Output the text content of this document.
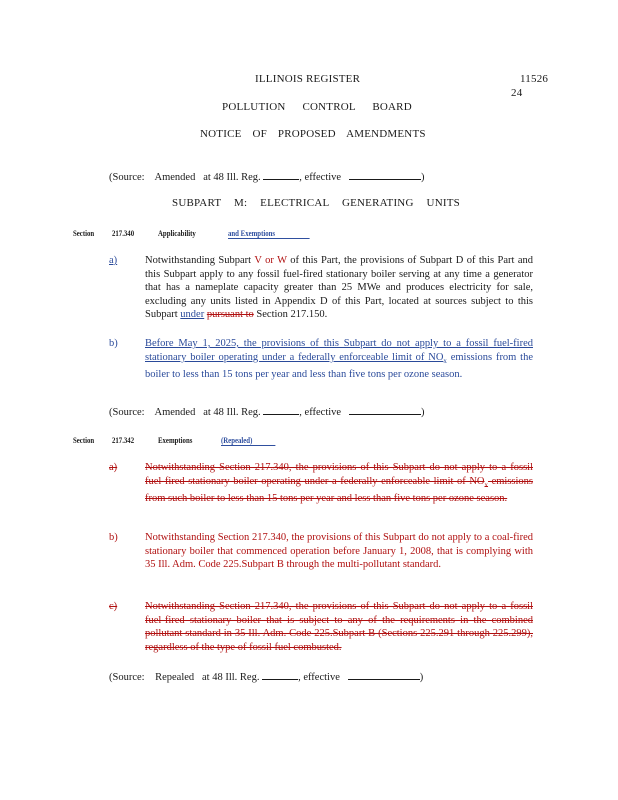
ILLINOIS REGISTER	11526
24
POLLUTION CONTROL BOARD
NOTICE OF PROPOSED AMENDMENTS
(Source: Amended at 48 Ill. Reg.	, effective	)
SUBPART M: ELECTRICAL GENERATING UNITS
Section 217.340	Applicability	and Exemptions
a)	Notwithstanding Subpart V or W of this Part, the provisions of Subpart D of this Part and this Subpart apply to any fossil fuel-fired stationary boiler serving at any time a generator that has a nameplate capacity greater than 25 MWe and produces electricity for sale, excluding any units listed in Appendix D of this Part, located at sources subject to this Subpart under pursuant to Section 217.150.
b)	Before May 1, 2025, the provisions of this Subpart do not apply to a fossil fuel-fired stationary boiler operating under a federally enforceable limit of $NO_x$ emissions from the boiler to less than 15 tons per year and less than five tons per ozone season.
(Source: Amended at 48 Ill. Reg.	, effective	)
Section 217.342	Exemptions	(Repealed)
a)	Notwithstanding Section 217.340, the provisions of this Subpart do not apply to a fossil fuel-fired stationary boiler operating under a federally enforceable limit of $NO_x$ emissions from such boiler to less than 15 tons per year and less than five tons per ozone season.
b)	Notwithstanding Section 217.340, the provisions of this Subpart do not apply to a coal-fired stationary boiler that commenced operation before January 1, 2008, that is complying with 35 Ill. Adm. Code 225.Subpart B through the multi-pollutant standard.
c)	Notwithstanding Section 217.340, the provisions of this Subpart do not apply to a fossil fuel-fired stationary boiler that is subject to any of the requirements in the combined pollutant standard in 35 Ill. Adm. Code 225.Subpart B (Sections 225.291 through 225.299), regardless of the type of fossil fuel combusted.
(Source: Repealed at 48 Ill. Reg.	, effective	)
